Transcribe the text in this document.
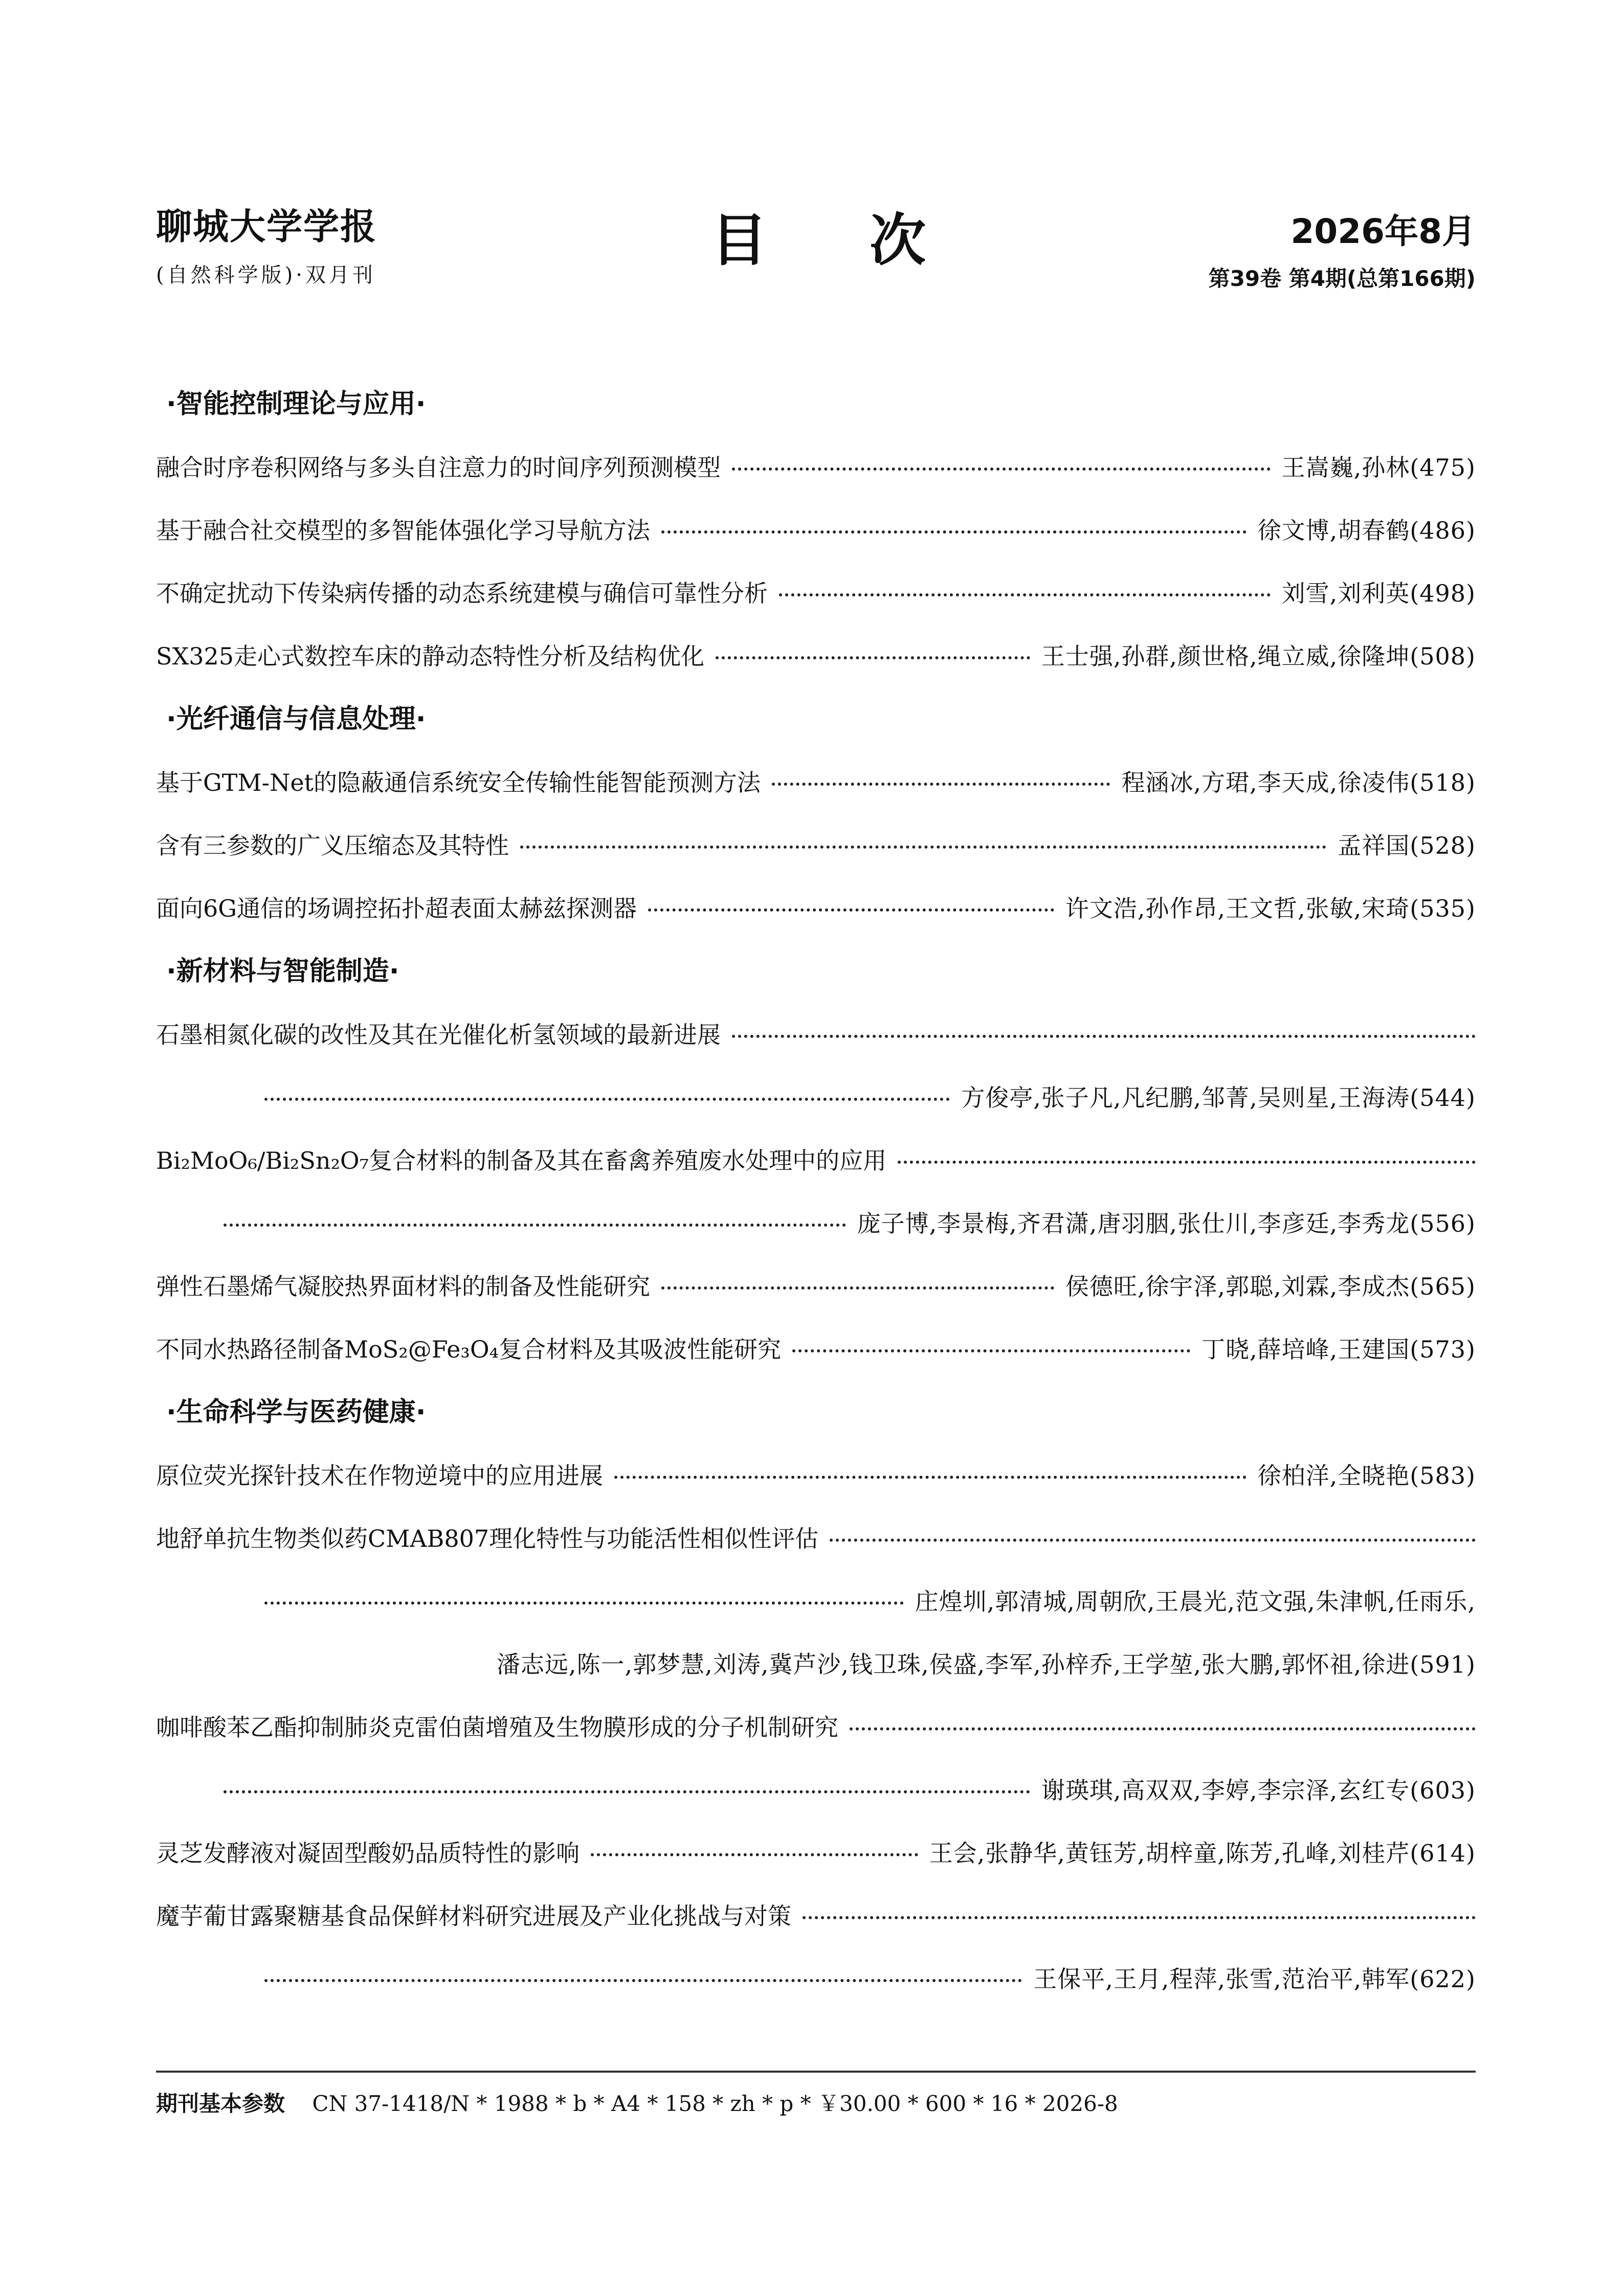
聊城大学学报
(自然科学版)·双月刊
目次	2026年8月
第39卷 第4期(总第166期)
·智能控制理论与应用·
融合时序卷积网络与多头自注意力的时间序列预测模型	王嵩巍,孙林(475)
基于融合社交模型的多智能体强化学习导航方法	徐文博,胡春鹤(486)
不确定扰动下传染病传播的动态系统建模与确信可靠性分析	刘雪,刘利英(498)
SX325走心式数控车床的静动态特性分析及结构优化	王士强,孙群,颜世格,绳立威,徐隆坤(508)
·光纤通信与信息处理·
基于GTM-Net的隐蔽通信系统安全传输性能智能预测方法	程涵冰,方珺,李天成,徐凌伟(518)
含有三参数的广义压缩态及其特性	孟祥国(528)
面向6G通信的场调控拓扑超表面太赫兹探测器	许文浩,孙作昂,王文哲,张敏,宋琦(535)
·新材料与智能制造·
石墨相氮化碳的改性及其在光催化析氢领域的最新进展
方俊亭,张子凡,凡纪鹏,邹菁,吴则星,王海涛(544)
Bi₂MoO₆/Bi₂Sn₂O₇复合材料的制备及其在畜禽养殖废水处理中的应用
庞子博,李景梅,齐君潇,唐羽胭,张仕川,李彦廷,李秀龙(556)
弹性石墨烯气凝胶热界面材料的制备及性能研究	侯德旺,徐宇泽,郭聪,刘霖,李成杰(565)
不同水热路径制备MoS₂@Fe₃O₄复合材料及其吸波性能研究	丁晓,薛培峰,王建国(573)
·生命科学与医药健康·
原位荧光探针技术在作物逆境中的应用进展	徐柏洋,全晓艳(583)
地舒单抗生物类似药CMAB807理化特性与功能活性相似性评估
庄煌圳,郭清城,周朝欣,王晨光,范文强,朱津帆,任雨乐,
潘志远,陈一,郭梦慧,刘涛,冀芦沙,钱卫珠,侯盛,李军,孙梓乔,王学堃,张大鹏,郭怀祖,徐进(591)
咖啡酸苯乙酯抑制肺炎克雷伯菌增殖及生物膜形成的分子机制研究
谢瑛琪,高双双,李婷,李宗泽,玄红专(603)
灵芝发酵液对凝固型酸奶品质特性的影响	王会,张静华,黄钰芳,胡梓童,陈芳,孔峰,刘桂芹(614)
魔芋葡甘露聚糖基食品保鲜材料研究进展及产业化挑战与对策
王保平,王月,程萍,张雪,范治平,韩军(622)
期刊基本参数 CN 37-1418/N * 1988 * b * A4 * 158 * zh * p * ￥30.00 * 600 * 16 * 2026-8
